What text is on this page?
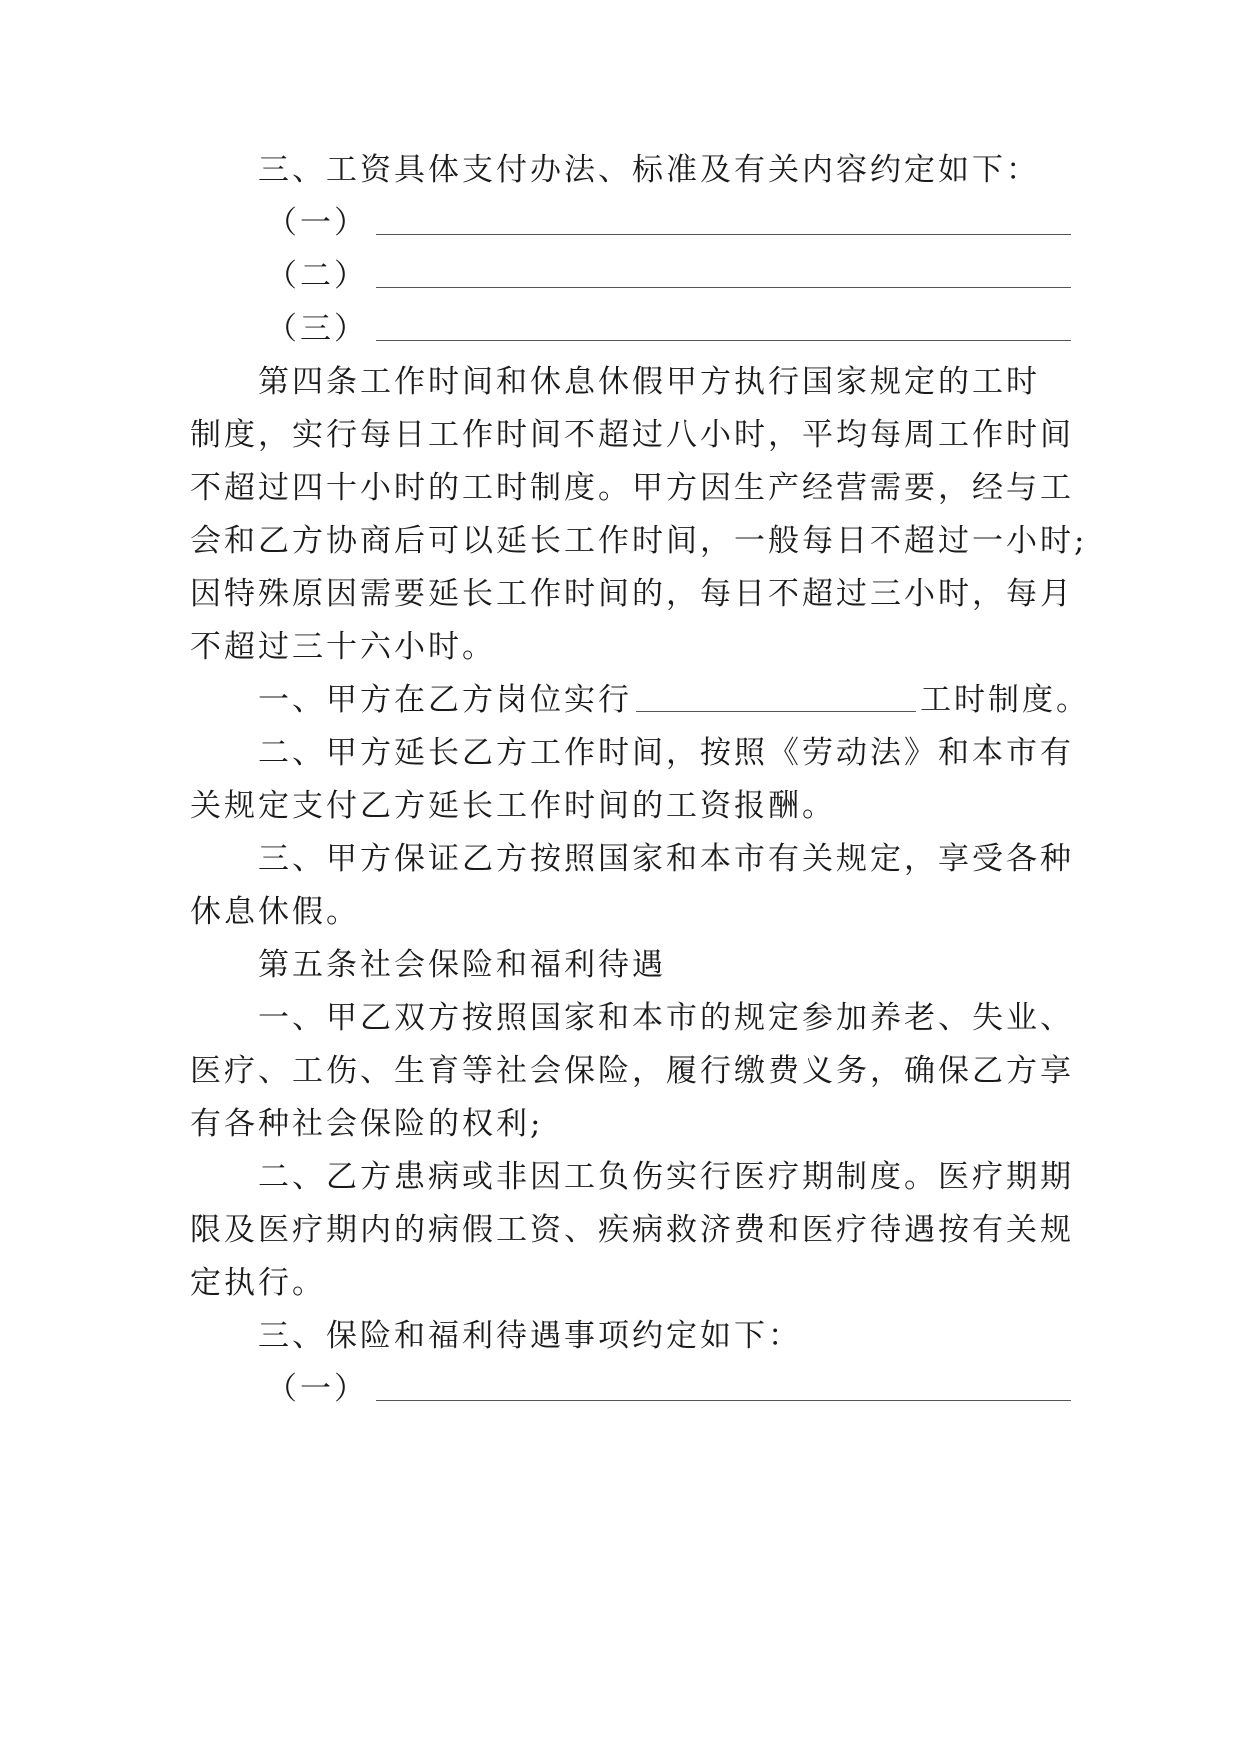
三、工资具体支付办法、标准及有关内容约定如下：
（一）
（二）
（三）
第四条工作时间和休息休假甲方执行国家规定的工时
制度，实行每日工作时间不超过八小时，平均每周工作时间
不超过四十小时的工时制度。甲方因生产经营需要，经与工
会和乙方协商后可以延长工作时间，一般每日不超过一小时;
因特殊原因需要延长工作时间的，每日不超过三小时，每月
不超过三十六小时。
一、甲方在乙方岗位实行	工时制度。
二、甲方延长乙方工作时间，按照《劳动法》和本市有
关规定支付乙方延长工作时间的工资报酬。
三、甲方保证乙方按照国家和本市有关规定，享受各种
休息休假。
第五条社会保险和福利待遇
一、甲乙双方按照国家和本市的规定参加养老、失业、
医疗、工伤、生育等社会保险，履行缴费义务，确保乙方享
有各种社会保险的权利;
二、乙方患病或非因工负伤实行医疗期制度。医疗期期
限及医疗期内的病假工资、疾病救济费和医疗待遇按有关规
定执行。
三、保险和福利待遇事项约定如下：
（一）
